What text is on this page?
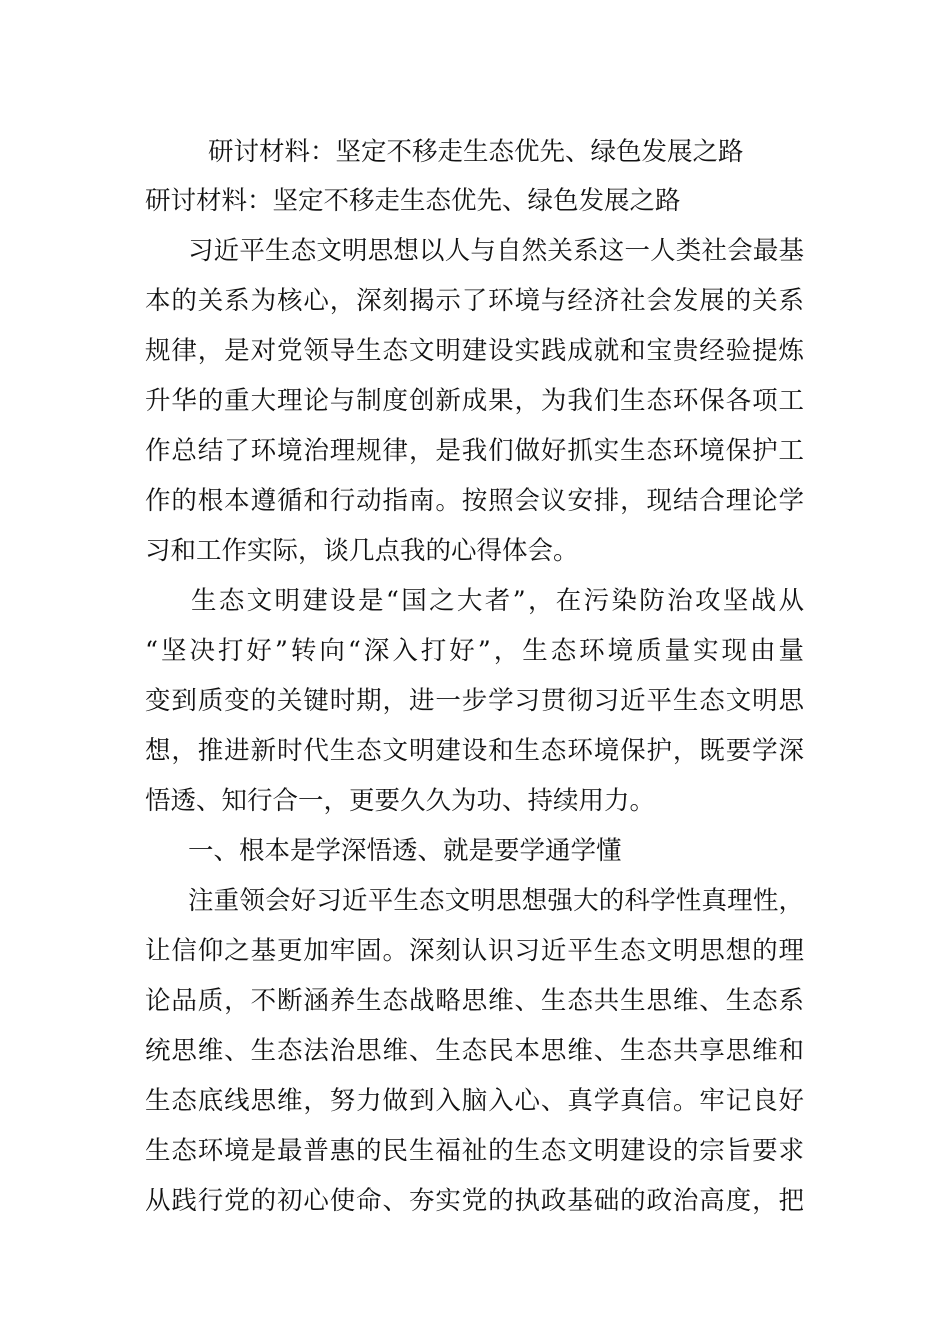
研讨材料：坚定不移走生态优先、绿色发展之路
研讨材料：坚定不移走生态优先、绿色发展之路
习近平生态文明思想以人与自然关系这一人类社会最基
本的关系为核心，深刻揭示了环境与经济社会发展的关系
规律，是对党领导生态文明建设实践成就和宝贵经验提炼
升华的重大理论与制度创新成果，为我们生态环保各项工
作总结了环境治理规律，是我们做好抓实生态环境保护工
作的根本遵循和行动指南。按照会议安排，现结合理论学
习和工作实际，谈几点我的心得体会。
生态文明建设是“国之大者”，在污染防治攻坚战从
“坚决打好”转向“深入打好”，生态环境质量实现由量
变到质变的关键时期，进一步学习贯彻习近平生态文明思
想，推进新时代生态文明建设和生态环境保护，既要学深
悟透、知行合一，更要久久为功、持续用力。
一、根本是学深悟透、就是要学通学懂
注重领会好习近平生态文明思想强大的科学性真理性，
让信仰之基更加牢固。深刻认识习近平生态文明思想的理
论品质，不断涵养生态战略思维、生态共生思维、生态系
统思维、生态法治思维、生态民本思维、生态共享思维和
生态底线思维，努力做到入脑入心、真学真信。牢记良好
生态环境是最普惠的民生福祉的生态文明建设的宗旨要求
从践行党的初心使命、夯实党的执政基础的政治高度，把
